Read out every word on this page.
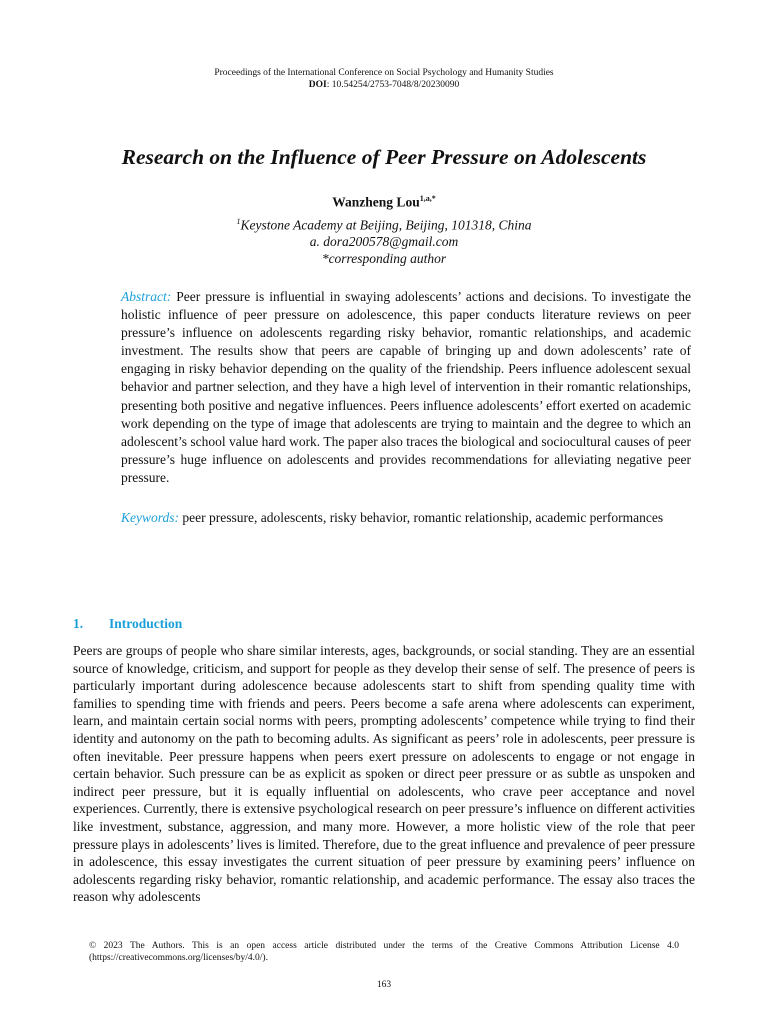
Proceedings of the International Conference on Social Psychology and Humanity Studies
DOI: 10.54254/2753-7048/8/20230090
Research on the Influence of Peer Pressure on Adolescents
Wanzheng Lou$^{1,a,*}$
$^1$Keystone Academy at Beijing, Beijing, 101318, China
a. dora200578@gmail.com
*corresponding author

Abstract: Peer pressure is influential in swaying adolescents’ actions and decisions. To investigate the holistic influence of peer pressure on adolescence, this paper conducts literature reviews on peer pressure’s influence on adolescents regarding risky behavior, romantic relationships, and academic investment. The results show that peers are capable of bringing up and down adolescents’ rate of engaging in risky behavior depending on the quality of the friendship. Peers influence adolescent sexual behavior and partner selection, and they have a high level of intervention in their romantic relationships, presenting both positive and negative influences. Peers influence adolescents’ effort exerted on academic work depending on the type of image that adolescents are trying to maintain and the degree to which an adolescent’s school value hard work. The paper also traces the biological and sociocultural causes of peer pressure’s huge influence on adolescents and provides recommendations for alleviating negative peer pressure.

Keywords: peer pressure, adolescents, risky behavior, romantic relationship, academic performances

1. Introduction

Peers are groups of people who share similar interests, ages, backgrounds, or social standing. They are an essential source of knowledge, criticism, and support for people as they develop their sense of self. The presence of peers is particularly important during adolescence because adolescents start to shift from spending quality time with families to spending time with friends and peers. Peers become a safe arena where adolescents can experiment, learn, and maintain certain social norms with peers, prompting adolescents’ competence while trying to find their identity and autonomy on the path to becoming adults. As significant as peers’ role in adolescents, peer pressure is often inevitable. Peer pressure happens when peers exert pressure on adolescents to engage or not engage in certain behavior. Such pressure can be as explicit as spoken or direct peer pressure or as subtle as unspoken and indirect peer pressure, but it is equally influential on adolescents, who crave peer acceptance and novel experiences. Currently, there is extensive psychological research on peer pressure’s influence on different activities like investment, substance, aggression, and many more. However, a more holistic view of the role that peer pressure plays in adolescents’ lives is limited. Therefore, due to the great influence and prevalence of peer pressure in adolescence, this essay investigates the current situation of peer pressure by examining peers’ influence on adolescents regarding risky behavior, romantic relationship, and academic performance. The essay also traces the reason why adolescents

© 2023 The Authors. This is an open access article distributed under the terms of the Creative Commons Attribution License 4.0 (https://creativecommons.org/licenses/by/4.0/).

163
